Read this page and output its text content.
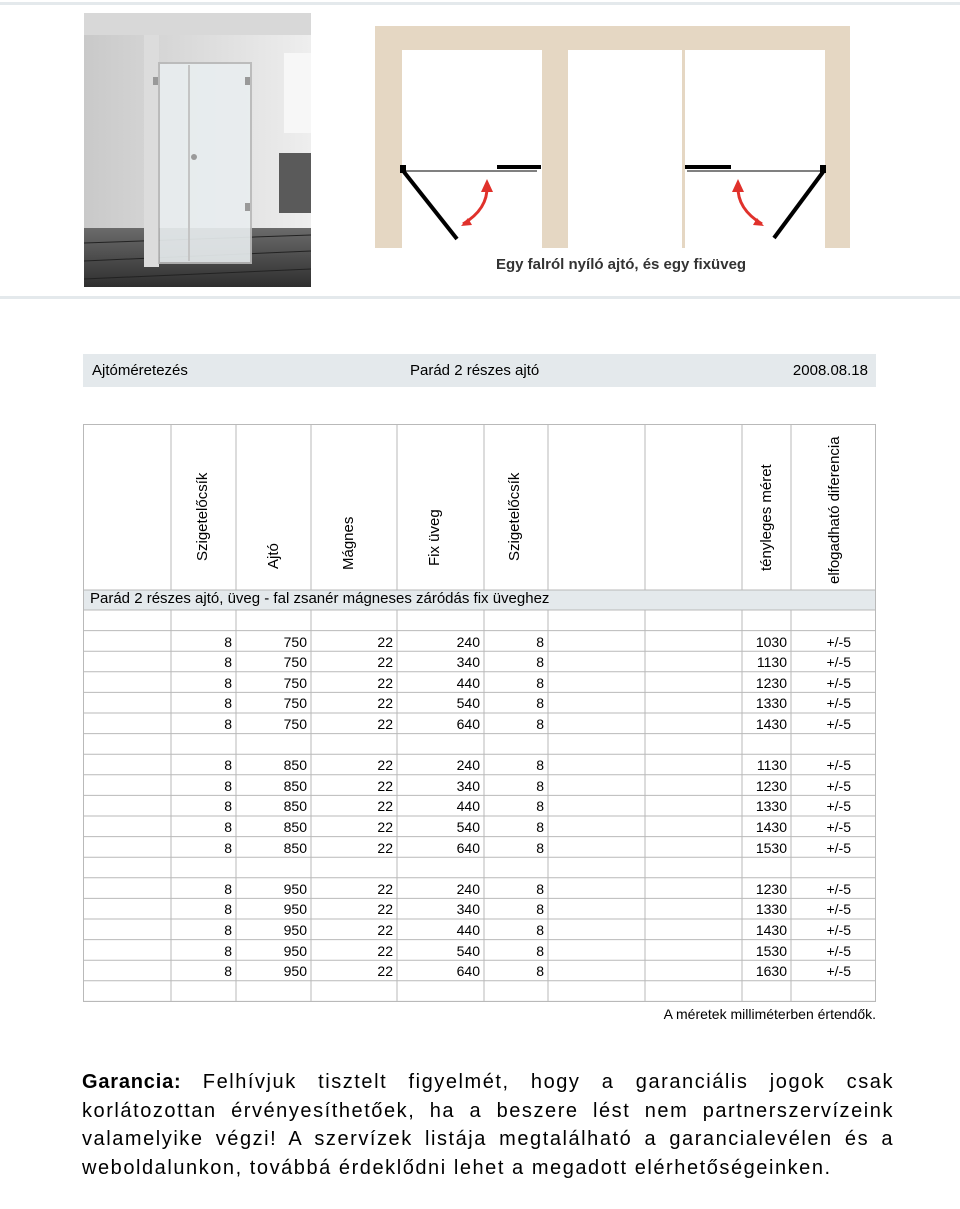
Egy falról nyíló ajtó, és egy fixüveg
Ajtóméretezés	Parád 2 részes ajtó	2008.08.18
Szigetelőcsík	Ajtó	Mágnes	Fix üveg	Szigetelőcsík	tényleges méret	elfogadható diferencia
8	750	22	240	8	1030	+/-5
8	750	22	340	8	1130	+/-5
8	750	22	440	8	1230	+/-5
8	750	22	540	8	1330	+/-5
8	750	22	640	8	1430	+/-5
8	850	22	240	8	1130	+/-5
8	850	22	340	8	1230	+/-5
8	850	22	440	8	1330	+/-5
8	850	22	540	8	1430	+/-5
8	850	22	640	8	1530	+/-5
8	950	22	240	8	1230	+/-5
8	950	22	340	8	1330	+/-5
8	950	22	440	8	1430	+/-5
8	950	22	540	8	1530	+/-5
8	950	22	640	8	1630	+/-5
Parád 2 részes ajtó, üveg - fal zsanér mágneses záródás fix üveghez
A méretek milliméterben értendők.
Garancia: Felhívjuk tisztelt figyelmét, hogy a garanciális jogok csak korlátozottan érvényesíthetőek, ha a beszere lést nem partnerszervízeink valamelyike végzi! A szervízek listája megtalálható a garancialevélen és a weboldalunkon, továbbá érdeklődni lehet a megadott elérhetőségeinken.
